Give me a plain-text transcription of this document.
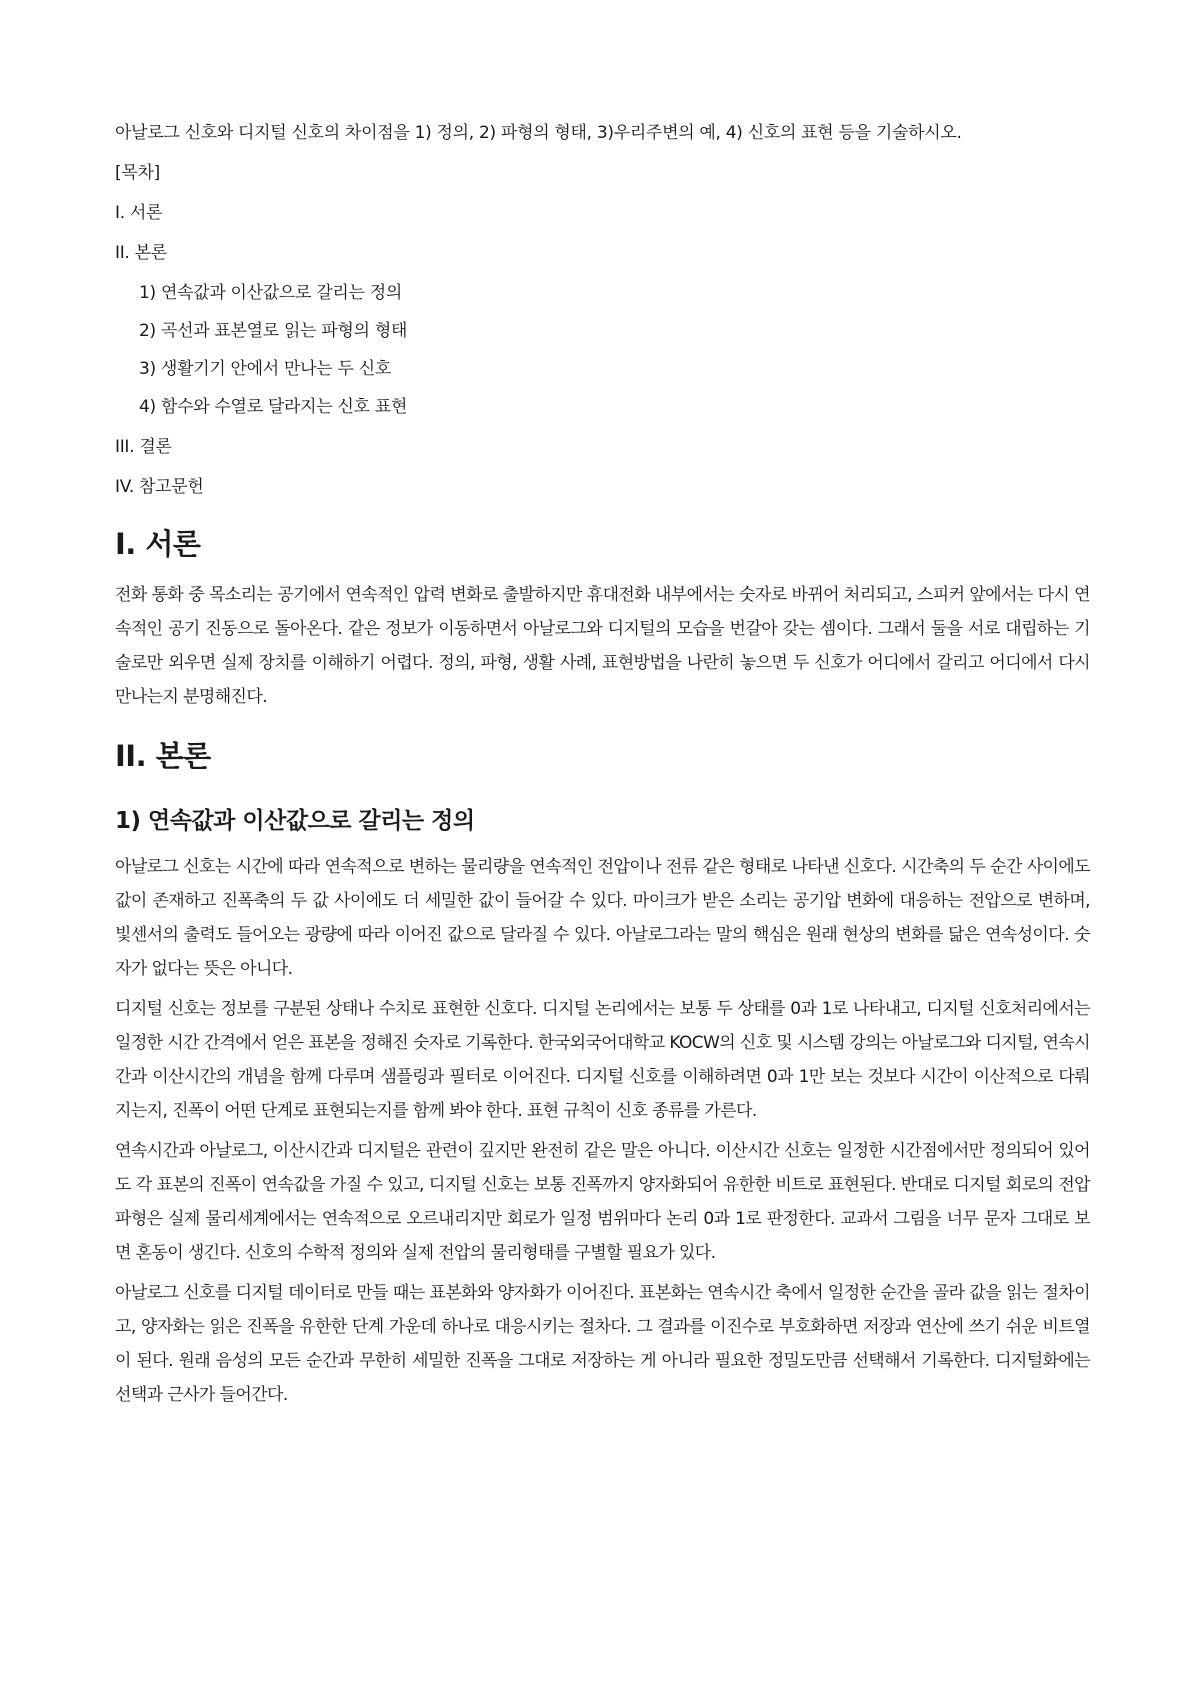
아날로그 신호와 디지털 신호의 차이점을 1) 정의, 2) 파형의 형태, 3)우리주변의 예, 4) 신호의 표현 등을 기술하시오.

[목차]

I. 서론

II. 본론

1) 연속값과 이산값으로 갈리는 정의

2) 곡선과 표본열로 읽는 파형의 형태

3) 생활기기 안에서 만나는 두 신호

4) 함수와 수열로 달라지는 신호 표현

III. 결론

IV. 참고문헌

I. 서론

전화 통화 중 목소리는 공기에서 연속적인 압력 변화로 출발하지만 휴대전화 내부에서는 숫자로 바뀌어 처리되고, 스피커 앞에서는 다시 연속적인 공기 진동으로 돌아온다. 같은 정보가 이동하면서 아날로그와 디지털의 모습을 번갈아 갖는 셈이다. 그래서 둘을 서로 대립하는 기술로만 외우면 실제 장치를 이해하기 어렵다. 정의, 파형, 생활 사례, 표현방법을 나란히 놓으면 두 신호가 어디에서 갈리고 어디에서 다시 만나는지 분명해진다.

II. 본론
1) 연속값과 이산값으로 갈리는 정의

아날로그 신호는 시간에 따라 연속적으로 변하는 물리량을 연속적인 전압이나 전류 같은 형태로 나타낸 신호다. 시간축의 두 순간 사이에도 값이 존재하고 진폭축의 두 값 사이에도 더 세밀한 값이 들어갈 수 있다. 마이크가 받은 소리는 공기압 변화에 대응하는 전압으로 변하며, 빛센서의 출력도 들어오는 광량에 따라 이어진 값으로 달라질 수 있다. 아날로그라는 말의 핵심은 원래 현상의 변화를 닮은 연속성이다. 숫자가 없다는 뜻은 아니다.

디지털 신호는 정보를 구분된 상태나 수치로 표현한 신호다. 디지털 논리에서는 보통 두 상태를 0과 1로 나타내고, 디지털 신호처리에서는 일정한 시간 간격에서 얻은 표본을 정해진 숫자로 기록한다. 한국외국어대학교 KOCW의 신호 및 시스템 강의는 아날로그와 디지털, 연속시간과 이산시간의 개념을 함께 다루며 샘플링과 필터로 이어진다. 디지털 신호를 이해하려면 0과 1만 보는 것보다 시간이 이산적으로 다뤄지는지, 진폭이 어떤 단계로 표현되는지를 함께 봐야 한다. 표현 규칙이 신호 종류를 가른다.

연속시간과 아날로그, 이산시간과 디지털은 관련이 깊지만 완전히 같은 말은 아니다. 이산시간 신호는 일정한 시간점에서만 정의되어 있어도 각 표본의 진폭이 연속값을 가질 수 있고, 디지털 신호는 보통 진폭까지 양자화되어 유한한 비트로 표현된다. 반대로 디지털 회로의 전압파형은 실제 물리세계에서는 연속적으로 오르내리지만 회로가 일정 범위마다 논리 0과 1로 판정한다. 교과서 그림을 너무 문자 그대로 보면 혼동이 생긴다. 신호의 수학적 정의와 실제 전압의 물리형태를 구별할 필요가 있다.

아날로그 신호를 디지털 데이터로 만들 때는 표본화와 양자화가 이어진다. 표본화는 연속시간 축에서 일정한 순간을 골라 값을 읽는 절차이고, 양자화는 읽은 진폭을 유한한 단계 가운데 하나로 대응시키는 절차다. 그 결과를 이진수로 부호화하면 저장과 연산에 쓰기 쉬운 비트열이 된다. 원래 음성의 모든 순간과 무한히 세밀한 진폭을 그대로 저장하는 게 아니라 필요한 정밀도만큼 선택해서 기록한다. 디지털화에는 선택과 근사가 들어간다.
